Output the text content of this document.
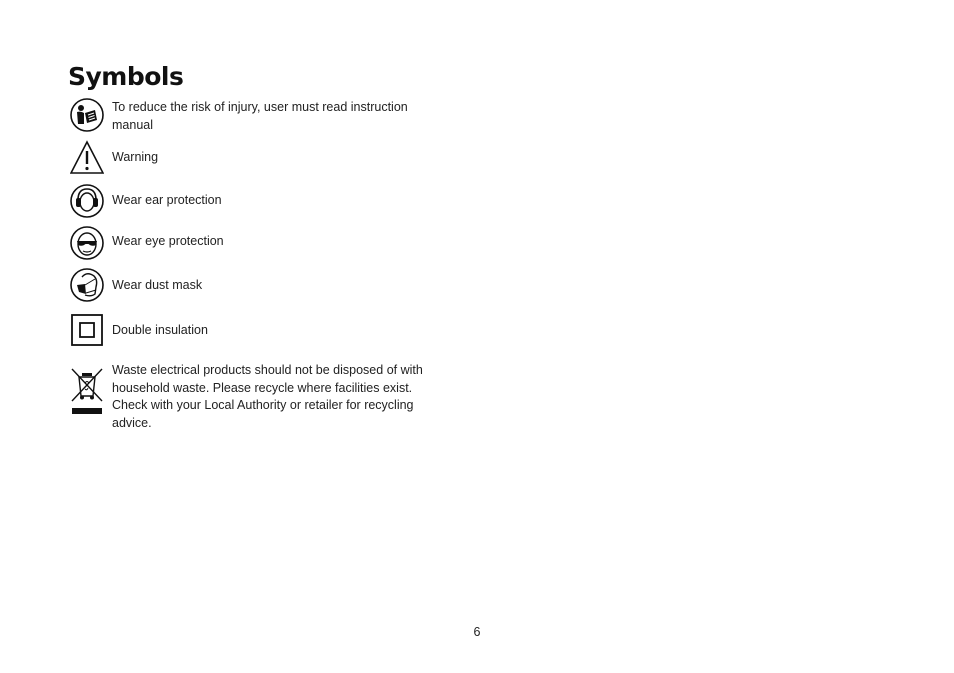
Symbols
To reduce the risk of injury, user must read instruction manual
Warning
Wear ear protection
Wear eye protection
Wear dust mask
Double insulation
Waste electrical products should not be disposed of with household waste. Please recycle where facilities exist. Check with your Local Authority or retailer for recycling advice.
6
